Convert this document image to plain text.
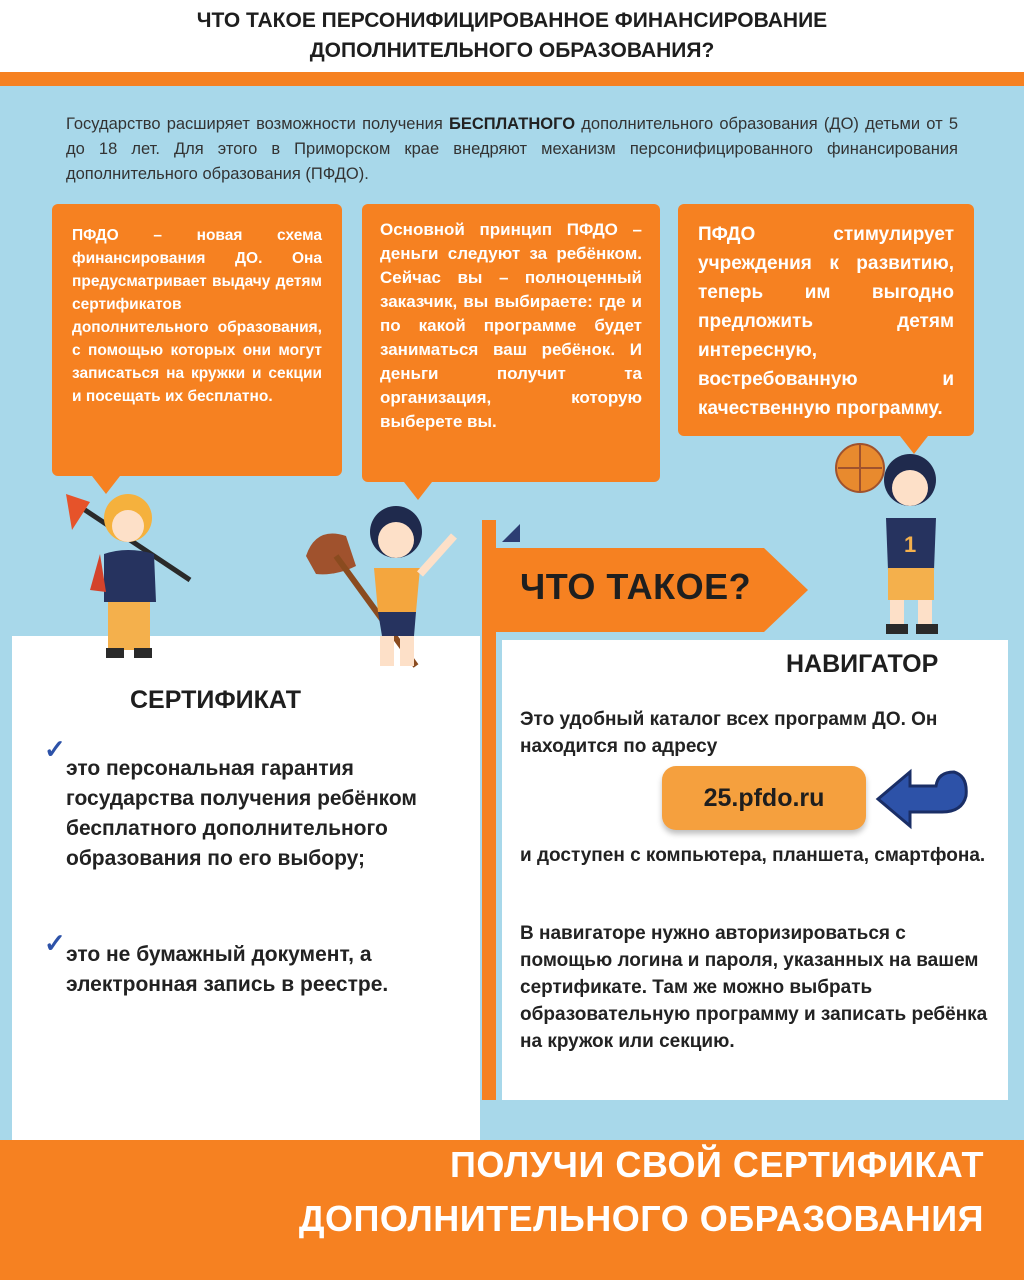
ЧТО ТАКОЕ ПЕРСОНИФИЦИРОВАННОЕ ФИНАНСИРОВАНИЕ
ДОПОЛНИТЕЛЬНОГО ОБРАЗОВАНИЯ?
Государство расширяет возможности получения БЕСПЛАТНОГО дополнительного образования (ДО) детьми от 5 до 18 лет. Для этого в Приморском крае внедряют механизм персонифицированного финансирования дополнительного образования (ПФДО).
ПФДО – новая схема финансирования ДО. Она предусматривает выдачу детям сертификатов дополнительного образования, с помощью которых они могут записаться на кружки и секции и посещать их бесплатно.
Основной принцип ПФДО – деньги следуют за ребёнком. Сейчас вы – полноценный заказчик, вы выбираете: где и по какой программе будет заниматься ваш ребёнок. И деньги получит та организация, которую выберете вы.
ПФДО стимулирует учреждения к развитию, теперь им выгодно предложить детям интересную, востребованную и качественную программу.
1
ЧТО ТАКОЕ?
СЕРТИФИКАТ
✓
это персональная гарантия государства получения ребёнком бесплатного дополнительного образования по его выбору;
✓ это не бумажный документ, а электронная запись в реестре.
НАВИГАТОР
Это удобный каталог всех программ ДО. Он находится по адресу
25.pfdo.ru
и доступен с компьютера, планшета, смартфона.
В навигаторе нужно авторизироваться с помощью логина и пароля, указанных на вашем сертификате. Там же можно выбрать образовательную программу и записать ребёнка на кружок или секцию.
ПОЛУЧИ СВОЙ СЕРТИФИКАТ
ДОПОЛНИТЕЛЬНОГО ОБРАЗОВАНИЯ
